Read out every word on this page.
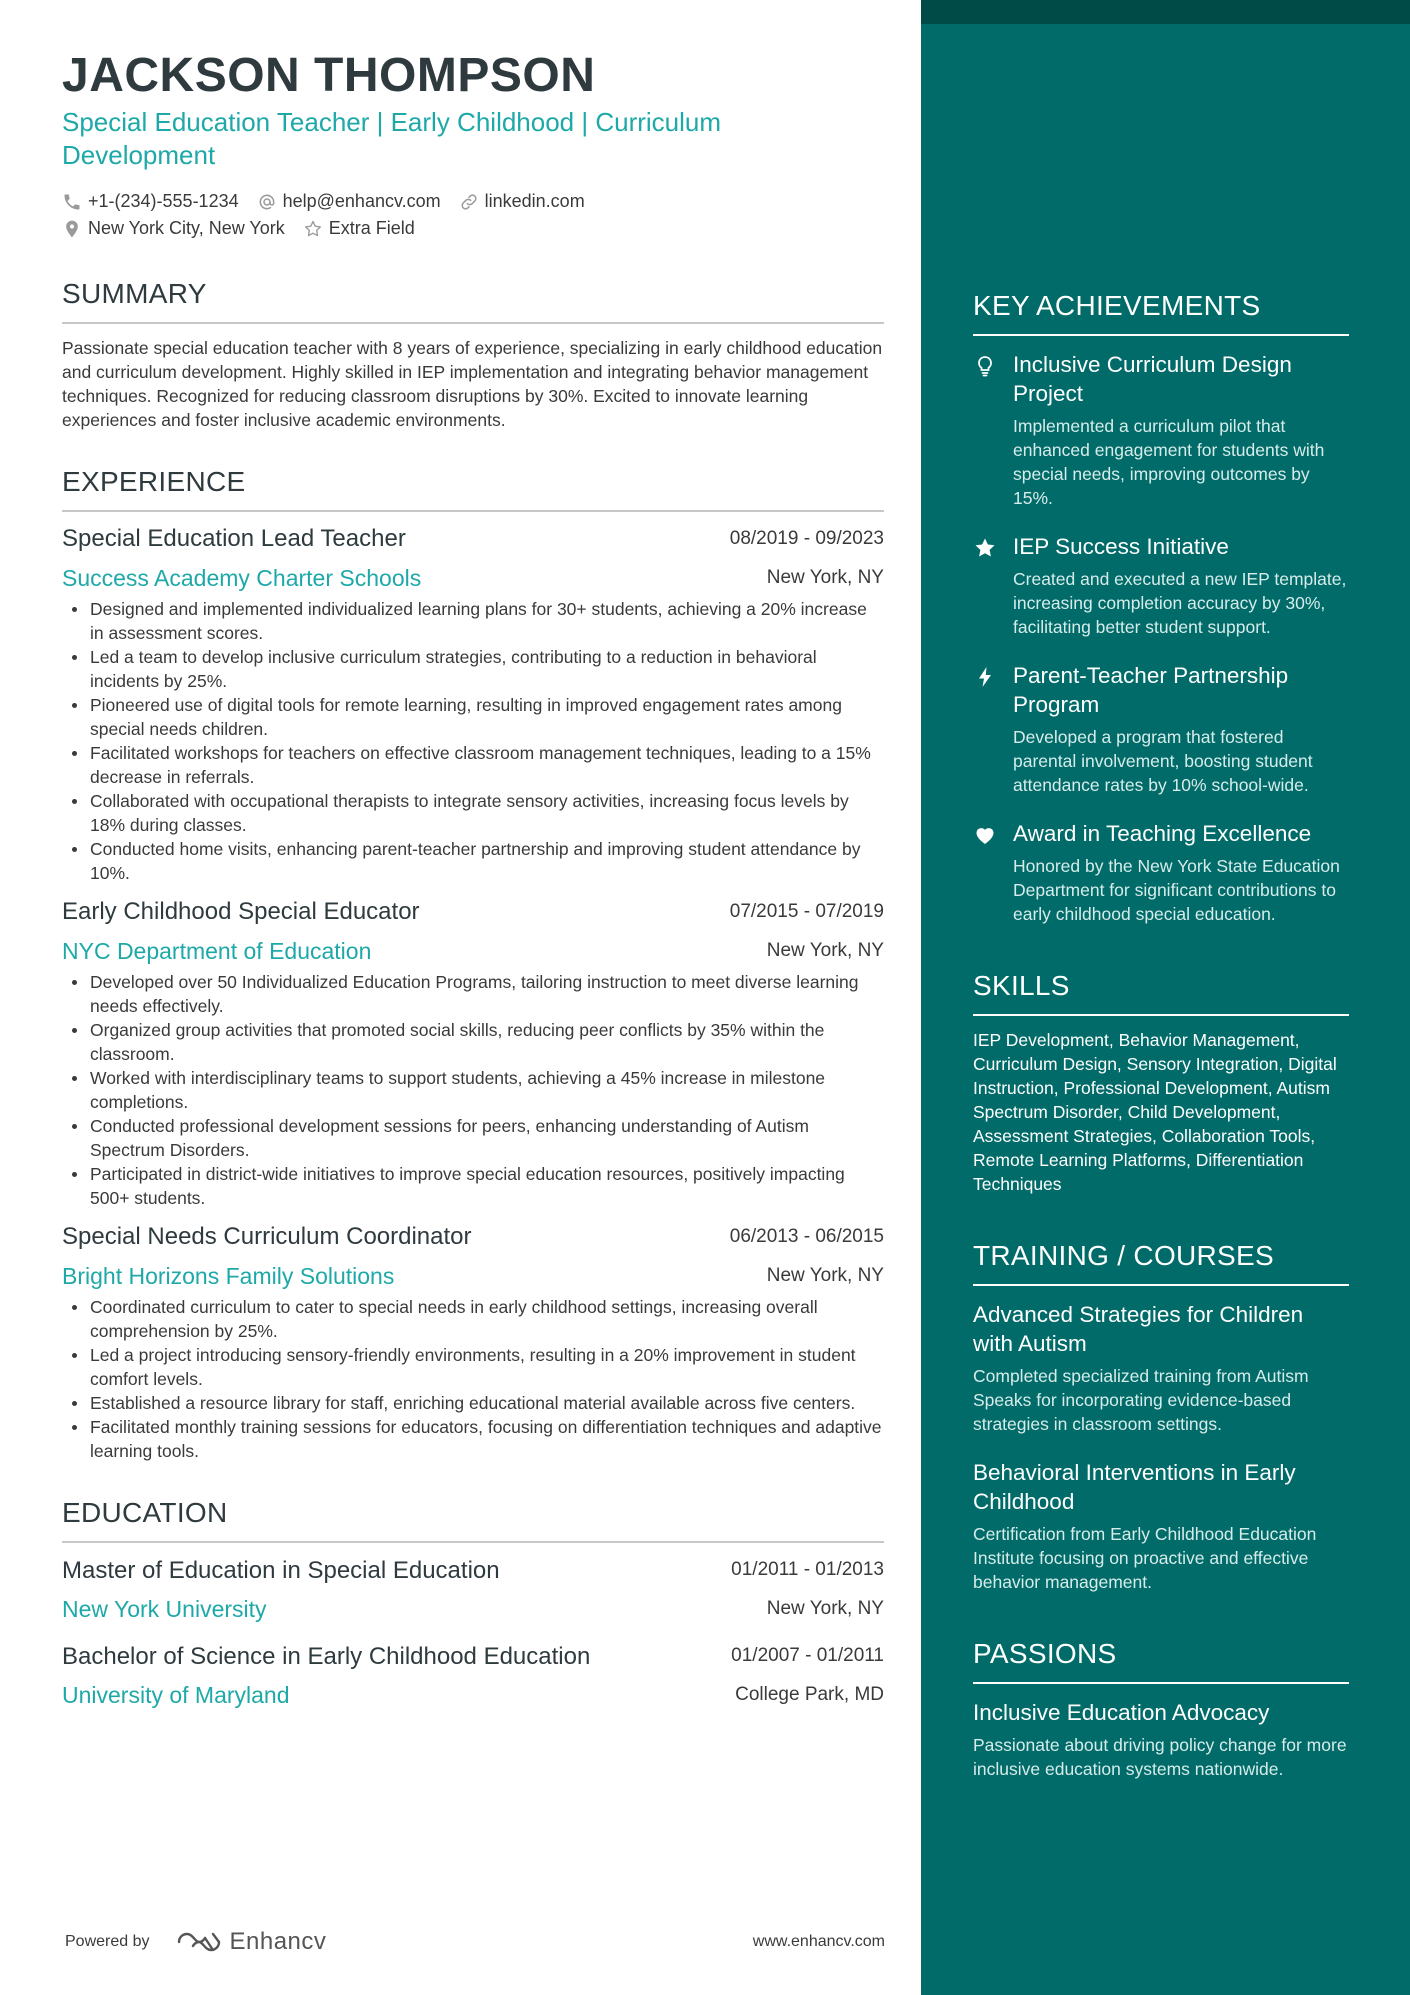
JACKSON THOMPSON
Special Education Teacher | Early Childhood | Curriculum Development
+1-(234)-555-1234 help@enhancv.com linkedin.com
New York City, New York Extra Field
SUMMARY
Passionate special education teacher with 8 years of experience, specializing in early childhood education and curriculum development. Highly skilled in IEP implementation and integrating behavior management techniques. Recognized for reducing classroom disruptions by 30%. Excited to innovate learning experiences and foster inclusive academic environments.
EXPERIENCE
Special Education Lead Teacher	08/2019 - 09/2023
Success Academy Charter Schools	New York, NY
Designed and implemented individualized learning plans for 30+ students, achieving a 20% increase in assessment scores.
Led a team to develop inclusive curriculum strategies, contributing to a reduction in behavioral incidents by 25%.
Pioneered use of digital tools for remote learning, resulting in improved engagement rates among special needs children.
Facilitated workshops for teachers on effective classroom management techniques, leading to a 15% decrease in referrals.
Collaborated with occupational therapists to integrate sensory activities, increasing focus levels by 18% during classes.
Conducted home visits, enhancing parent-teacher partnership and improving student attendance by 10%.
Early Childhood Special Educator	07/2015 - 07/2019
NYC Department of Education	New York, NY
Developed over 50 Individualized Education Programs, tailoring instruction to meet diverse learning needs effectively.
Organized group activities that promoted social skills, reducing peer conflicts by 35% within the classroom.
Worked with interdisciplinary teams to support students, achieving a 45% increase in milestone completions.
Conducted professional development sessions for peers, enhancing understanding of Autism Spectrum Disorders.
Participated in district-wide initiatives to improve special education resources, positively impacting 500+ students.
Special Needs Curriculum Coordinator	06/2013 - 06/2015
Bright Horizons Family Solutions	New York, NY
Coordinated curriculum to cater to special needs in early childhood settings, increasing overall comprehension by 25%.
Led a project introducing sensory-friendly environments, resulting in a 20% improvement in student comfort levels.
Established a resource library for staff, enriching educational material available across five centers.
Facilitated monthly training sessions for educators, focusing on differentiation techniques and adaptive learning tools.
EDUCATION
Master of Education in Special Education	01/2011 - 01/2013
New York University	New York, NY
Bachelor of Science in Early Childhood Education	01/2007 - 01/2011
University of Maryland	College Park, MD
Powered by	Enhancv	www.enhancv.com
KEY ACHIEVEMENTS
Inclusive Curriculum Design Project
Implemented a curriculum pilot that enhanced engagement for students with special needs, improving outcomes by 15%.
IEP Success Initiative
Created and executed a new IEP template, increasing completion accuracy by 30%, facilitating better student support.
Parent-Teacher Partnership Program
Developed a program that fostered parental involvement, boosting student attendance rates by 10% school-wide.
Award in Teaching Excellence
Honored by the New York State Education Department for significant contributions to early childhood special education.
SKILLS
IEP Development, Behavior Management, Curriculum Design, Sensory Integration, Digital Instruction, Professional Development, Autism Spectrum Disorder, Child Development, Assessment Strategies, Collaboration Tools, Remote Learning Platforms, Differentiation Techniques
TRAINING / COURSES
Advanced Strategies for Children with Autism
Completed specialized training from Autism Speaks for incorporating evidence-based strategies in classroom settings.
Behavioral Interventions in Early Childhood
Certification from Early Childhood Education Institute focusing on proactive and effective behavior management.
PASSIONS
Inclusive Education Advocacy
Passionate about driving policy change for more inclusive education systems nationwide.
